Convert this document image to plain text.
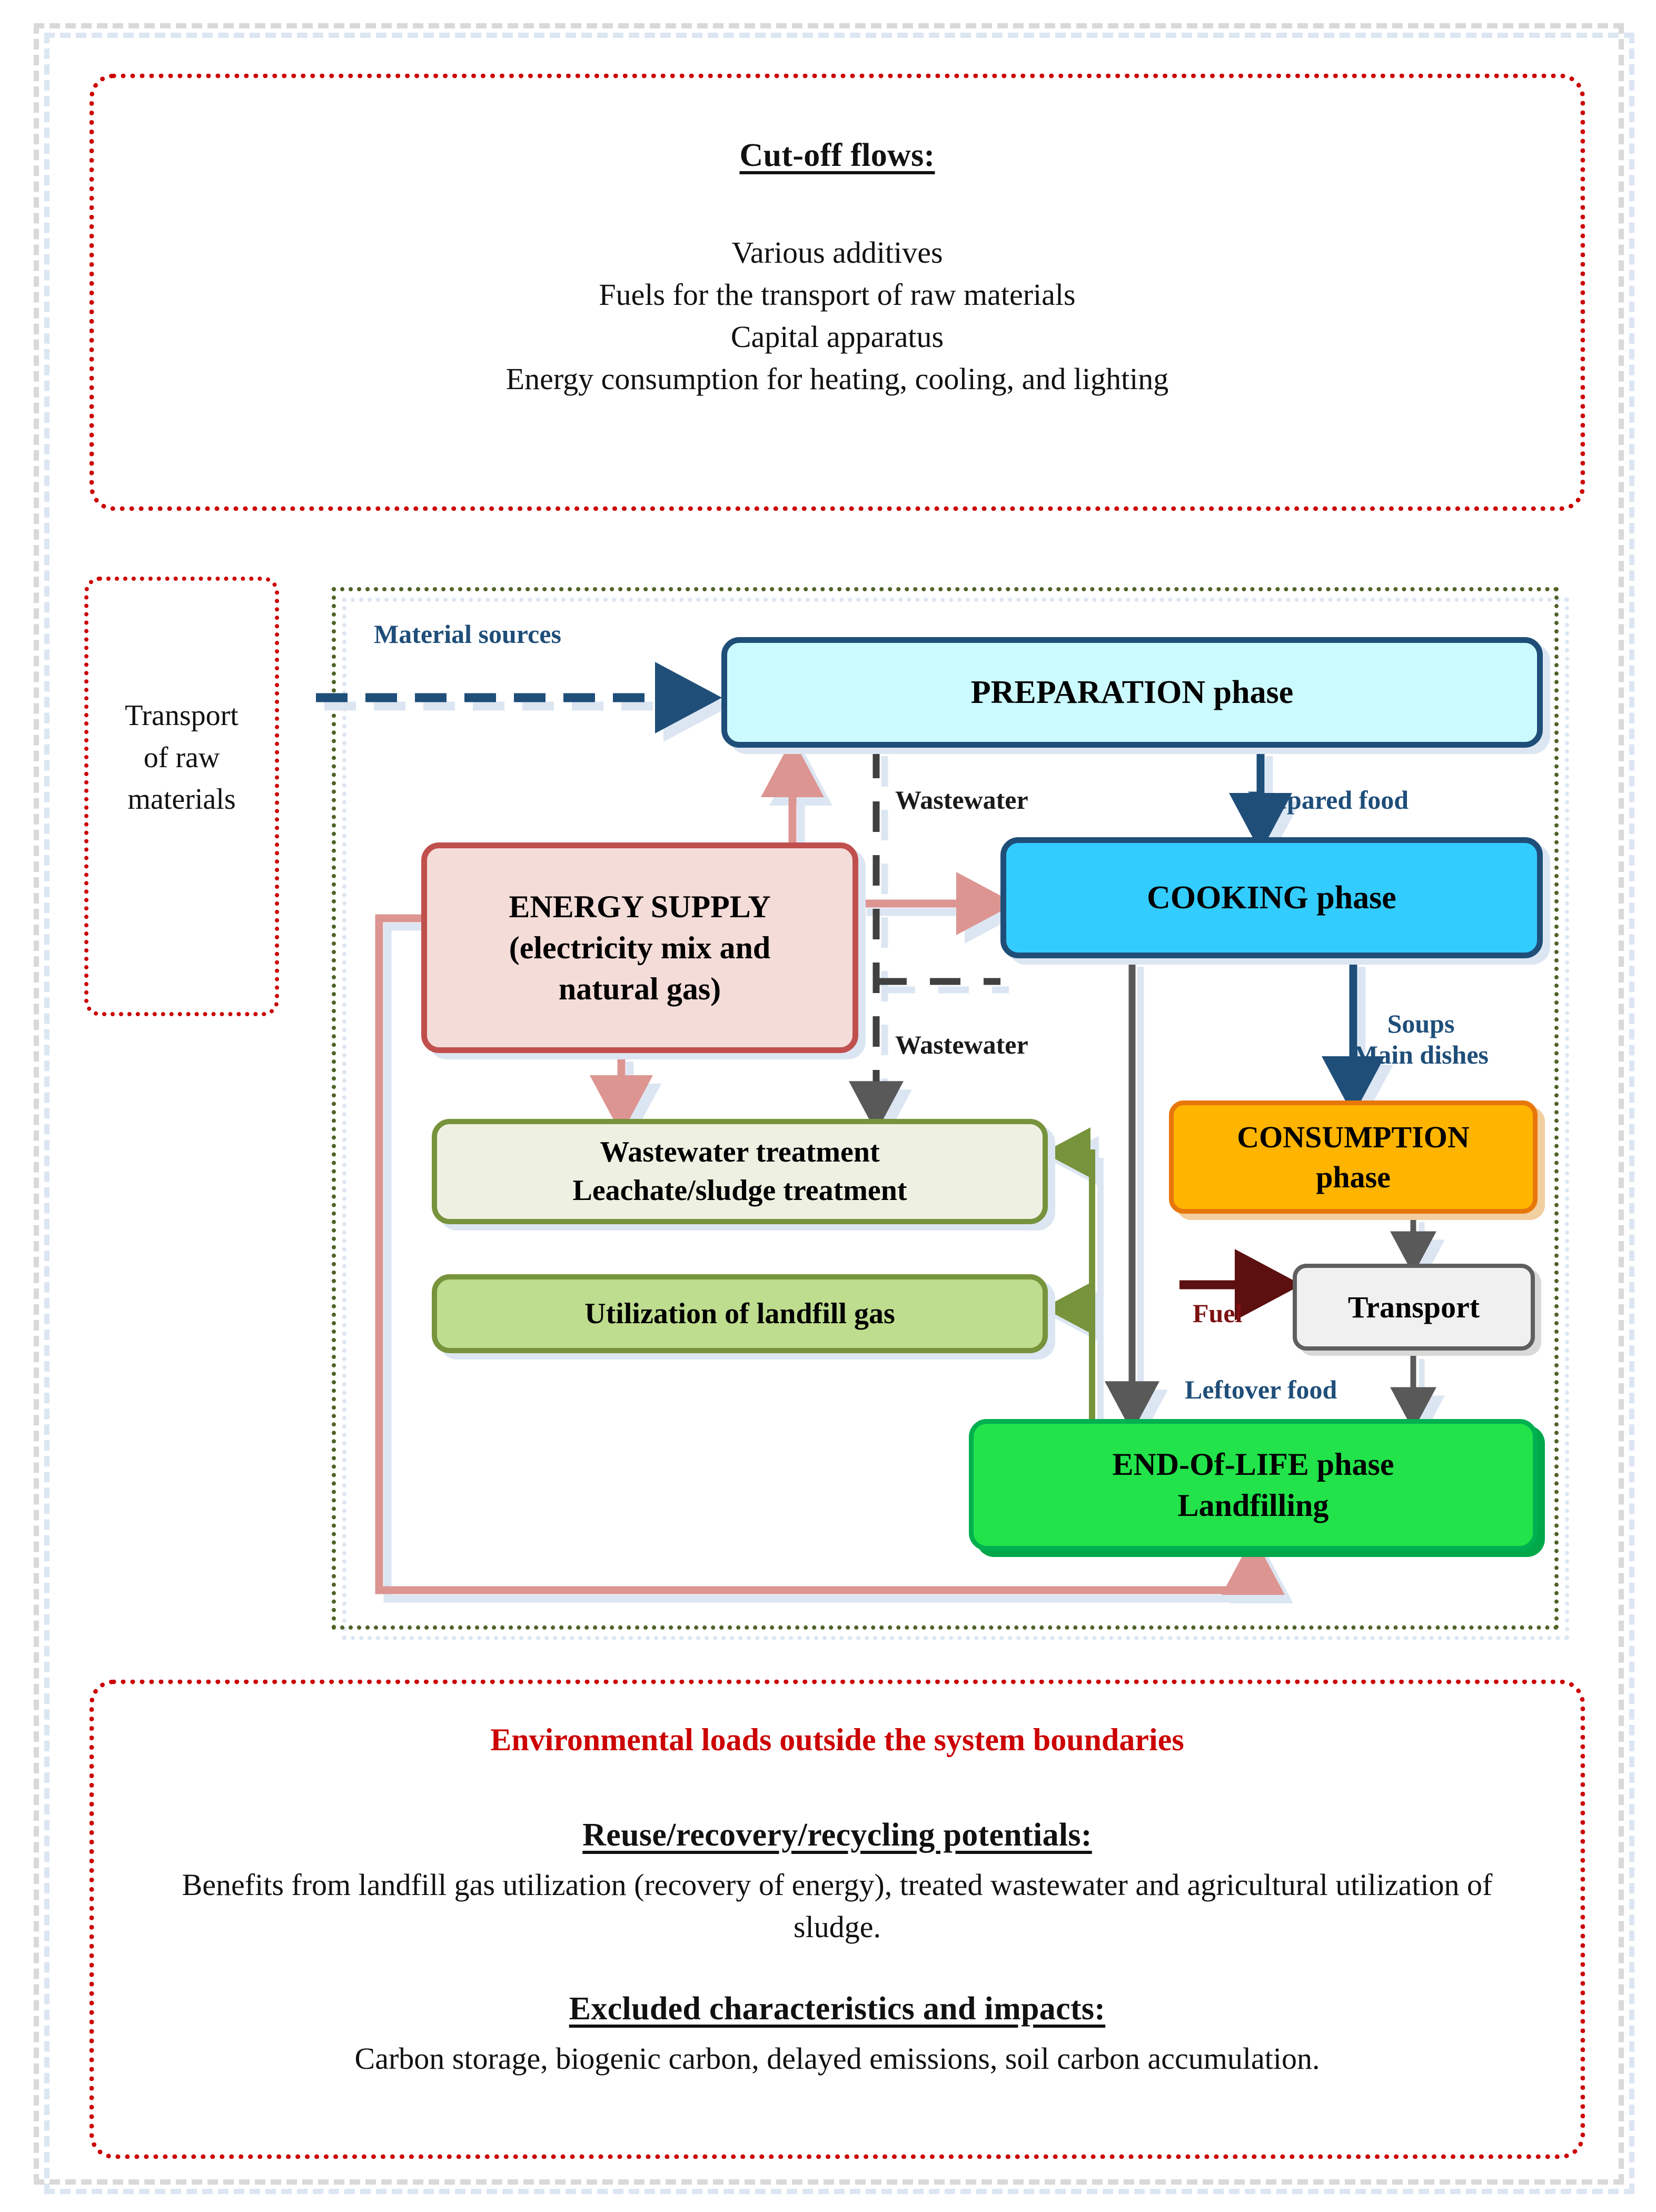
Cut-off flows:
Various additives
Fuels for the transport of raw materials
Capital apparatus
Energy consumption for heating, cooling, and lighting
Transport
of raw
materials
PREPARATION phase
COOKING phase
ENERGY SUPPLY
(electricity mix and
natural gas)
Wastewater treatment
Leachate/sludge treatment
Utilization of landfill gas
CONSUMPTION
phase
Transport
END-Of-LIFE phase
Landfilling
Material sources
Wastewater	Prepared food
Wastewater
Soups
Main dishes
Fuel
Leftover food
Environmental loads outside the system boundaries
Reuse/recovery/recycling potentials:
Benefits from landfill gas utilization (recovery of energy), treated wastewater and agricultural utilization of sludge.
Excluded characteristics and impacts:
Carbon storage, biogenic carbon, delayed emissions, soil carbon accumulation.
